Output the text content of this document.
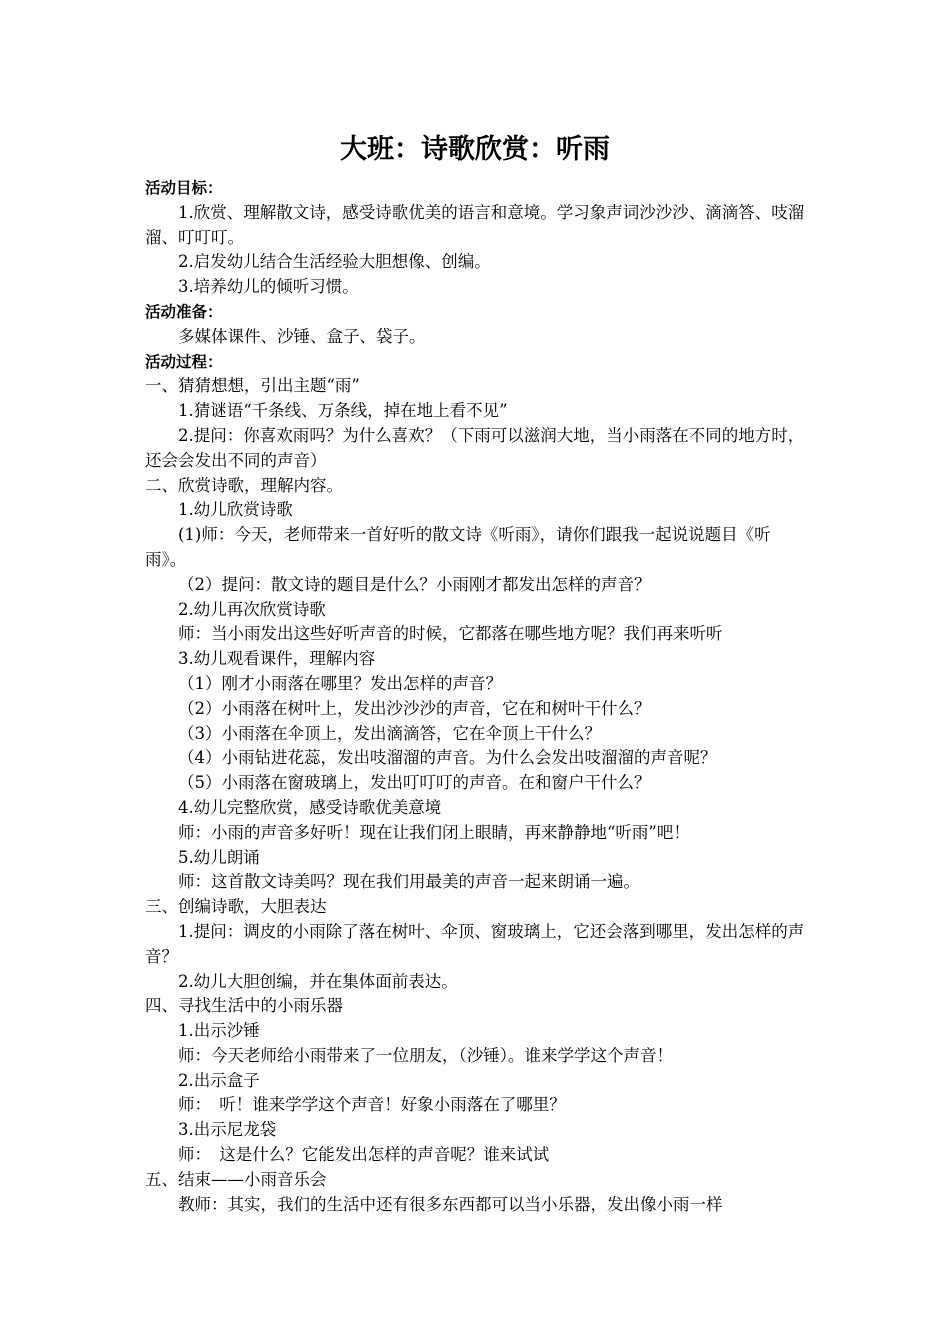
大班：诗歌欣赏：听雨
活动目标：
1.欣赏、理解散文诗，感受诗歌优美的语言和意境。学习象声词沙沙沙、滴滴答、吱溜溜、叮叮叮。
2.启发幼儿结合生活经验大胆想像、创编。
3.培养幼儿的倾听习惯。
活动准备：
多媒体课件、沙锤、盒子、袋子。
活动过程：
一、猜猜想想，引出主题“雨”
1.猜谜语“千条线、万条线，掉在地上看不见”
2.提问：你喜欢雨吗？为什么喜欢？（下雨可以滋润大地，当小雨落在不同的地方时，还会会发出不同的声音）
二、欣赏诗歌，理解内容。
1.幼儿欣赏诗歌
(1)师：今天，老师带来一首好听的散文诗《听雨》，请你们跟我一起说说题目《听雨》。
（2）提问：散文诗的题目是什么？小雨刚才都发出怎样的声音？
2.幼儿再次欣赏诗歌
师：当小雨发出这些好听声音的时候，它都落在哪些地方呢？我们再来听听
3.幼儿观看课件，理解内容
（1）刚才小雨落在哪里？发出怎样的声音？
（2）小雨落在树叶上，发出沙沙沙的声音，它在和树叶干什么？
（3）小雨落在伞顶上，发出滴滴答，它在伞顶上干什么？
（4）小雨钻进花蕊，发出吱溜溜的声音。为什么会发出吱溜溜的声音呢？
（5）小雨落在窗玻璃上，发出叮叮叮的声音。在和窗户干什么？
4.幼儿完整欣赏，感受诗歌优美意境
师：小雨的声音多好听！现在让我们闭上眼睛，再来静静地“听雨”吧！
5.幼儿朗诵
师：这首散文诗美吗？现在我们用最美的声音一起来朗诵一遍。
三、创编诗歌，大胆表达
1.提问：调皮的小雨除了落在树叶、伞顶、窗玻璃上，它还会落到哪里，发出怎样的声音？
2.幼儿大胆创编，并在集体面前表达。
四、寻找生活中的小雨乐器
1.出示沙锤
师：今天老师给小雨带来了一位朋友，（沙锤）。谁来学学这个声音！
2.出示盒子
师：　听！谁来学学这个声音！好象小雨落在了哪里？
3.出示尼龙袋
师：　这是什么？它能发出怎样的声音呢？谁来试试
五、结束——小雨音乐会
教师：其实，我们的生活中还有很多东西都可以当小乐器，发出像小雨一样
